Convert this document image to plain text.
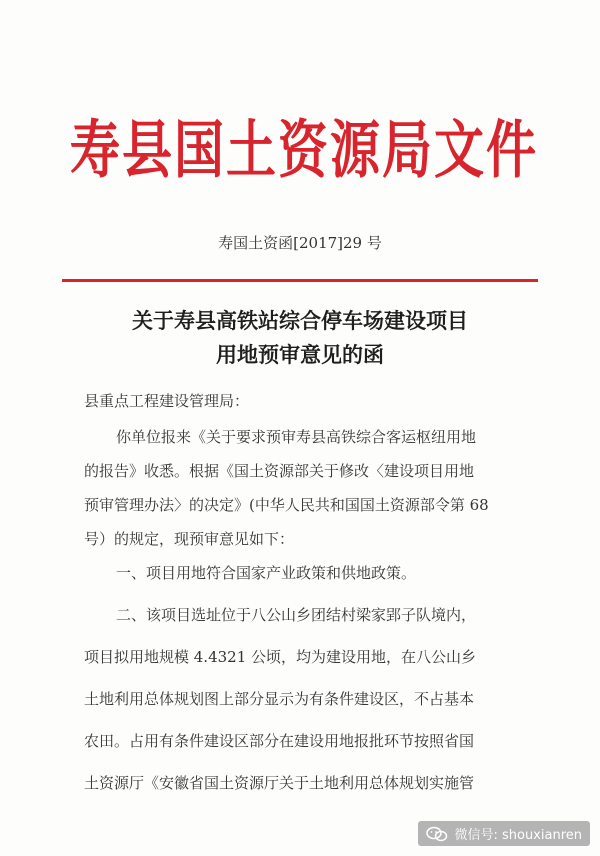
寿县国土资源局文件
寿国土资函[2017]29 号
关于寿县高铁站综合停车场建设项目
用地预审意见的函
县重点工程建设管理局：
你单位报来《关于要求预审寿县高铁综合客运枢纽用地
的报告》收悉。根据《国土资源部关于修改〈建设项目用地
预审管理办法〉的决定》(中华人民共和国国土资源部令第 68
号）的规定，现预审意见如下：
一、项目用地符合国家产业政策和供地政策。
二、该项目选址位于八公山乡团结村梁家郢子队境内，
项目拟用地规模 4.4321 公顷，均为建设用地，在八公山乡
土地利用总体规划图上部分显示为有条件建设区，不占基本
农田。占用有条件建设区部分在建设用地报批环节按照省国
土资源厅《安徽省国土资源厅关于土地利用总体规划实施管
微信号: shouxianren
